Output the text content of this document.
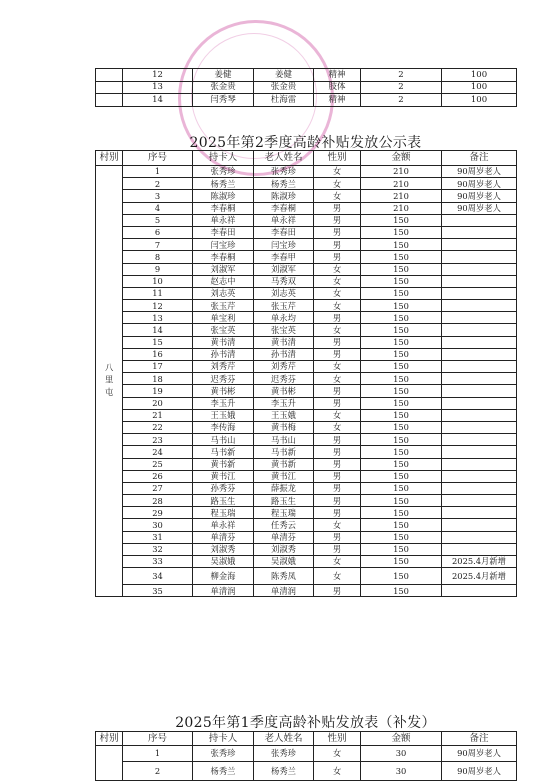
	12	姜健	姜健	精神	2	100
	13	张金贵	张金贵	肢体	2	100
	14	闫秀琴	杜海雷	精神	2	100
2025年第2季度高龄补贴发放公示表
村别	序号	持卡人	老人姓名	性别	金额	备注
八里屯	1	张秀珍	张秀珍	女	210	90周岁老人
	2	杨秀兰	杨秀兰	女	210	90周岁老人
	3	陈淑珍	陈淑珍	女	210	90周岁老人
	4	李春桐	李春桐	男	210	90周岁老人
	5	单永祥	单永祥	男	150	
	6	李春田	李春田	男	150	
	7	闫宝珍	闫宝珍	男	150	
	8	李春桐	李春甲	男	150	
	9	刘淑军	刘淑军	女	150	
	10	赵志中	马秀双	女	150	
	11	刘志英	刘志英	女	150	
	12	张玉芹	张玉芹	女	150	
	13	单宝利	单永均	男	150	
	14	张宝英	张宝英	女	150	
	15	黄书清	黄书清	男	150	
	16	孙书清	孙书清	男	150	
	17	刘秀芹	刘秀芹	女	150	
	18	迟秀芬	迟秀芬	女	150	
	19	黄书彬	黄书彬	男	150	
	20	李玉升	李玉升	男	150	
	21	王玉娥	王玉娥	女	150	
	22	李传海	黄书梅	女	150	
	23	马书山	马书山	男	150	
	24	马书新	马书新	男	150	
	25	黄书新	黄书新	男	150	
	26	黄书江	黄书江	男	150	
	27	孙秀芬	薛振龙	男	150	
	28	路玉生	路玉生	男	150	
	29	程玉瑞	程玉瑞	男	150	
	30	单永祥	任秀云	女	150	
	31	单清芬	单清芬	男	150	
	32	刘淑秀	刘淑秀	男	150	
	33	吴淑娥	吴淑娥	女	150	2025.4月新增
	34	柳金海	陈秀凤	女	150	2025.4月新增
	35	单清润	单清润	男	150	
2025年第1季度高龄补贴发放表（补发）
村别	序号	持卡人	老人姓名	性别	金额	备注
	1	张秀珍	张秀珍	女	30	90周岁老人
	2	杨秀兰	杨秀兰	女	30	90周岁老人
